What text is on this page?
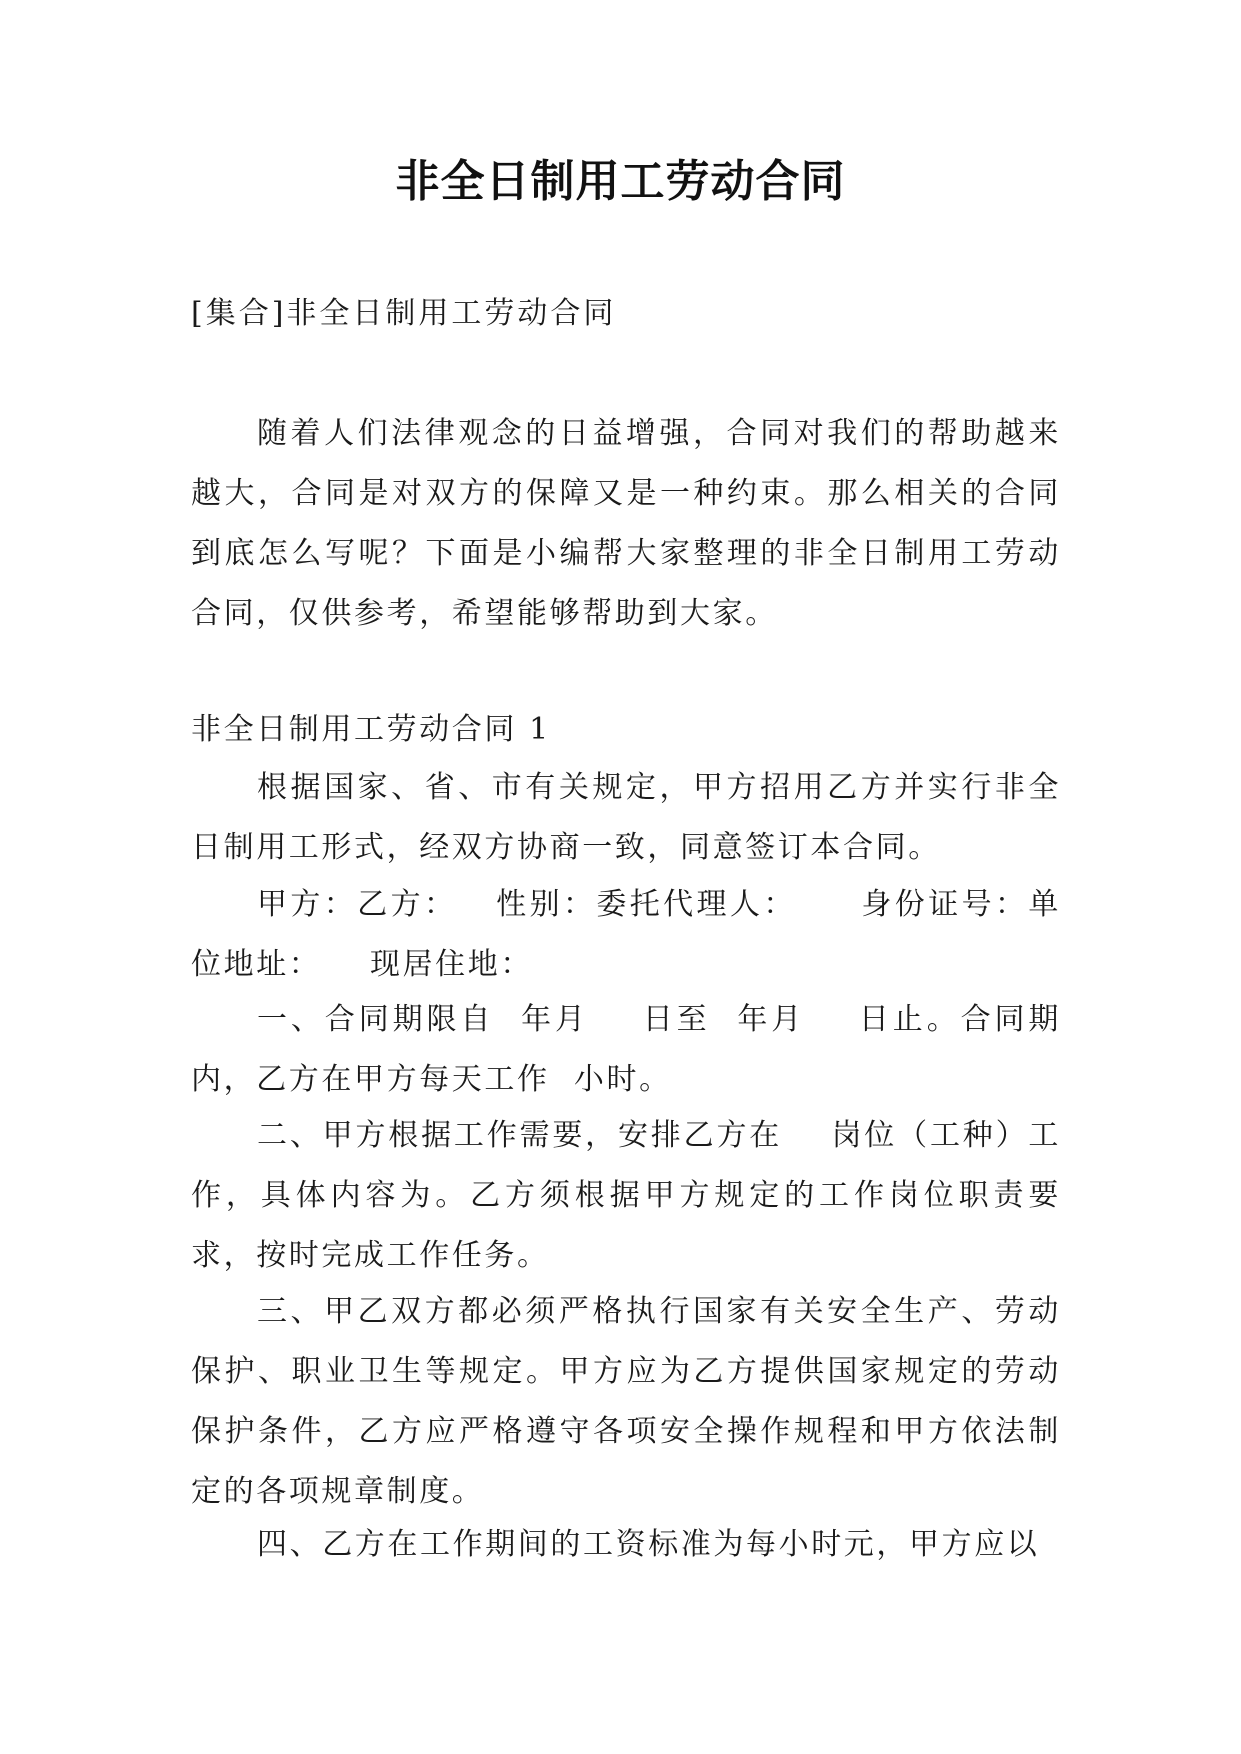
非全日制用工劳动合同

[集合]非全日制用工劳动合同

随着人们法律观念的日益增强，合同对我们的帮助越来越大，合同是对双方的保障又是一种约束。那么相关的合同到底怎么写呢？下面是小编帮大家整理的非全日制用工劳动合同，仅供参考，希望能够帮助到大家。

非全日制用工劳动合同 1

根据国家、省、市有关规定，甲方招用乙方并实行非全日制用工形式，经双方协商一致，同意签订本合同。

甲方：乙方：   性别：委托代理人：     身份证号：单位地址：    现居住地：

一、合同期限自  年月    日至  年月    日止。合同期内，乙方在甲方每天工作  小时。

二、甲方根据工作需要，安排乙方在    岗位（工种）工作，具体内容为。乙方须根据甲方规定的工作岗位职责要求，按时完成工作任务。

三、甲乙双方都必须严格执行国家有关安全生产、劳动保护、职业卫生等规定。甲方应为乙方提供国家规定的劳动保护条件，乙方应严格遵守各项安全操作规程和甲方依法制定的各项规章制度。

四、乙方在工作期间的工资标准为每小时元，甲方应以
